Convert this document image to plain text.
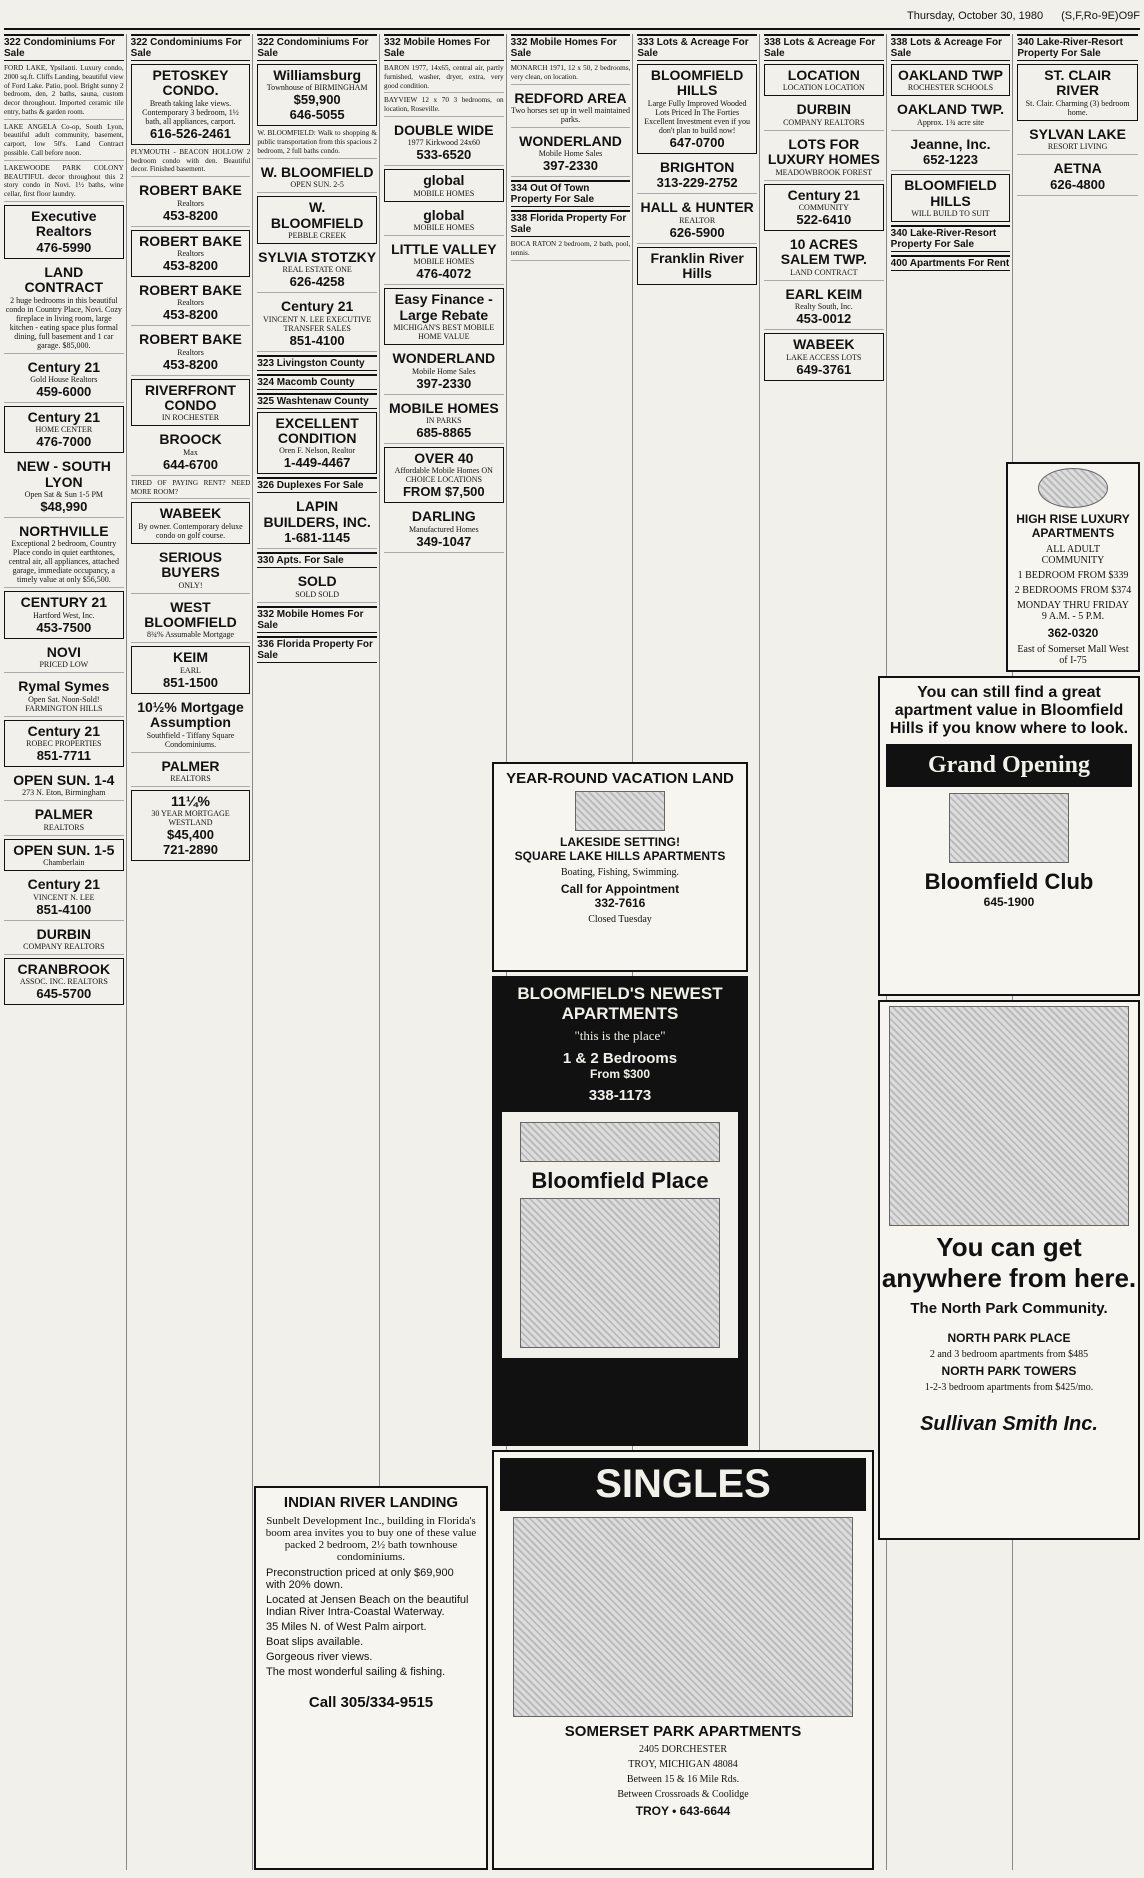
Thursday, October 30, 1980 (S,F,Ro-9E)O9F
322 Condominiums For Sale
FORD LAKE, Ypsilanti. Luxury condo, 2000 sq.ft. Cliffs Landing, beautiful view of Ford Lake. Patio, pool. Bright sunny 2 bedroom, den, 2 baths, sauna, custom decor throughout. Imported ceramic tile entry, baths & garden room.
LAKE ANGELA Co-op, South Lyon, beautiful adult community, basement, carport, low 50's. Land Contract possible. Call before noon.
LAKEWOODE PARK COLONY BEAUTIFUL decor throughout this 2 story condo in Novi. 1½ baths, wine cellar, first floor laundry.
Executive Realtors
476-5990
LAND CONTRACT
2 huge bedrooms in this beautiful condo in Country Place, Novi. Cozy fireplace in living room, large kitchen - eating space plus formal dining, full basement and 1 car garage. $85,000.
Century 21
Gold House Realtors
459-6000
Century 21
HOME CENTER
476-7000
NEW - SOUTH LYON
Open Sat & Sun 1-5 PM
$48,990
NORTHVILLE
Exceptional 2 bedroom, Country Place condo in quiet earthtones, central air, all appliances, attached garage, immediate occupancy, a timely value at only $56,500.
CENTURY 21
Hartford West, Inc.
453-7500
NOVI
PRICED LOW
Rymal Symes
Open Sat. Noon-Sold! FARMINGTON HILLS
Century 21
ROBEC PROPERTIES
851-7711
OPEN SUN. 1-4
273 N. Eton, Birmingham
PALMER
REALTORS
OPEN SUN. 1-5
Chamberlain
Century 21
VINCENT N. LEE
851-4100
DURBIN
COMPANY REALTORS
CRANBROOK
ASSOC. INC. REALTORS
645-5700
322 Condominiums For Sale
PETOSKEY CONDO.
Breath taking lake views. Contemporary 3 bedroom, 1½ bath, all appliances, carport.
616-526-2461
PLYMOUTH - BEACON HOLLOW 2 bedroom condo with den. Beautiful decor. Finished basement.
ROBERT BAKE
Realtors
453-8200
ROBERT BAKE
Realtors
453-8200
ROBERT BAKE
Realtors
453-8200
ROBERT BAKE
Realtors
453-8200
RIVERFRONT CONDO
IN ROCHESTER
BROOCK
Max
644-6700
TIRED OF PAYING RENT? NEED MORE ROOM?
WABEEK
By owner. Contemporary deluxe condo on golf course.
SERIOUS BUYERS
ONLY!
WEST BLOOMFIELD
8¾% Assumable Mortgage
KEIM
EARL
851-1500
10½% Mortgage Assumption
Southfield - Tiffany Square Condominiums.
PALMER
REALTORS
11¼%
30 YEAR MORTGAGE WESTLAND
$45,400
721-2890
322 Condominiums For Sale
Williamsburg
Townhouse of BIRMINGHAM
$59,900
646-5055
W. BLOOMFIELD: Walk to shopping & public transportation from this spacious 2 bedroom, 2 full baths condo.
W. BLOOMFIELD
OPEN SUN. 2-5
W. BLOOMFIELD
PEBBLE CREEK
SYLVIA STOTZKY
REAL ESTATE ONE
626-4258
Century 21
VINCENT N. LEE EXECUTIVE TRANSFER SALES
851-4100
323 Livingston County
324 Macomb County
325 Washtenaw County
EXCELLENT CONDITION
Oren F. Nelson, Realtor
1-449-4467
326 Duplexes For Sale
LAPIN BUILDERS, INC.
1-681-1145
330 Apts. For Sale
SOLD
SOLD SOLD
332 Mobile Homes For Sale
336 Florida Property For Sale
332 Mobile Homes For Sale
BARON 1977, 14x65, central air, partly furnished, washer, dryer, extra, very good condition.
BAYVIEW 12 x 70 3 bedrooms, on location, Roseville.
DOUBLE WIDE
1977 Kirkwood 24x60
533-6520
global
MOBILE HOMES
global
MOBILE HOMES
LITTLE VALLEY
MOBILE HOMES
476-4072
Easy Finance - Large Rebate
MICHIGAN'S BEST MOBILE HOME VALUE
WONDERLAND
Mobile Home Sales
397-2330
MOBILE HOMES
IN PARKS
685-8865
OVER 40
Affordable Mobile Homes ON CHOICE LOCATIONS
FROM $7,500
DARLING
Manufactured Homes
349-1047
332 Mobile Homes For Sale
MONARCH 1971, 12 x 50, 2 bedrooms, very clean, on location.
REDFORD AREA
Two horses set up in well maintained parks.
WONDERLAND
Mobile Home Sales
397-2330
334 Out Of Town Property For Sale
338 Florida Property For Sale
BOCA RATON 2 bedroom, 2 bath, pool, tennis.
333 Lots & Acreage For Sale
BLOOMFIELD HILLS
Large Fully Improved Wooded Lots Priced In The Forties Excellent Investment even if you don't plan to build now!
647-0700
BRIGHTON
313-229-2752
HALL & HUNTER
REALTOR
626-5900
Franklin River Hills
338 Lots & Acreage For Sale
LOCATION
LOCATION LOCATION
DURBIN
COMPANY REALTORS
LOTS FOR LUXURY HOMES
MEADOWBROOK FOREST
Century 21
COMMUNITY
522-6410
10 ACRES SALEM TWP.
LAND CONTRACT
EARL KEIM
Realty South, Inc.
453-0012
WABEEK
LAKE ACCESS LOTS
649-3761
338 Lots & Acreage For Sale
OAKLAND TWP
ROCHESTER SCHOOLS
OAKLAND TWP.
Approx. 1¾ acre site
Jeanne, Inc.
652-1223
BLOOMFIELD HILLS
WILL BUILD TO SUIT
340 Lake-River-Resort Property For Sale
400 Apartments For Rent
340 Lake-River-Resort Property For Sale
ST. CLAIR RIVER
St. Clair. Charming (3) bedroom home.
SYLVAN LAKE
RESORT LIVING
AETNA
626-4800
HIGH RISE LUXURY APARTMENTS
ALL ADULT COMMUNITY
1 BEDROOM FROM $339
2 BEDROOMS FROM $374
MONDAY THRU FRIDAY 9 A.M. - 5 P.M.
362-0320
East of Somerset Mall West of I-75
You can still find a great apartment value in Bloomfield Hills if you know where to look.
Grand Opening
Bloomfield Club
645-1900
YEAR-ROUND VACATION LAND
LAKESIDE SETTING!
SQUARE LAKE HILLS APARTMENTS
Boating, Fishing, Swimming.
Call for Appointment
332-7616
Closed Tuesday
BLOOMFIELD'S NEWEST APARTMENTS
"this is the place"
1 & 2 Bedrooms
From $300
338-1173
Bloomfield Place
You can get anywhere from here.
The North Park Community.
NORTH PARK PLACE
2 and 3 bedroom apartments from $485
NORTH PARK TOWERS
1-2-3 bedroom apartments from $425/mo.
Sullivan Smith Inc.
SINGLES
SOMERSET PARK APARTMENTS
2405 DORCHESTER
TROY, MICHIGAN 48084
Between 15 & 16 Mile Rds.
Between Crossroads & Coolidge
TROY • 643-6644
INDIAN RIVER LANDING
Sunbelt Development Inc., building in Florida's boom area invites you to buy one of these value packed 2 bedroom, 2½ bath townhouse condominiums.
Preconstruction priced at only $69,900 with 20% down.
Located at Jensen Beach on the beautiful Indian River Intra-Coastal Waterway.
35 Miles N. of West Palm airport.
Boat slips available.
Gorgeous river views.
The most wonderful sailing & fishing.
Call 305/334-9515
